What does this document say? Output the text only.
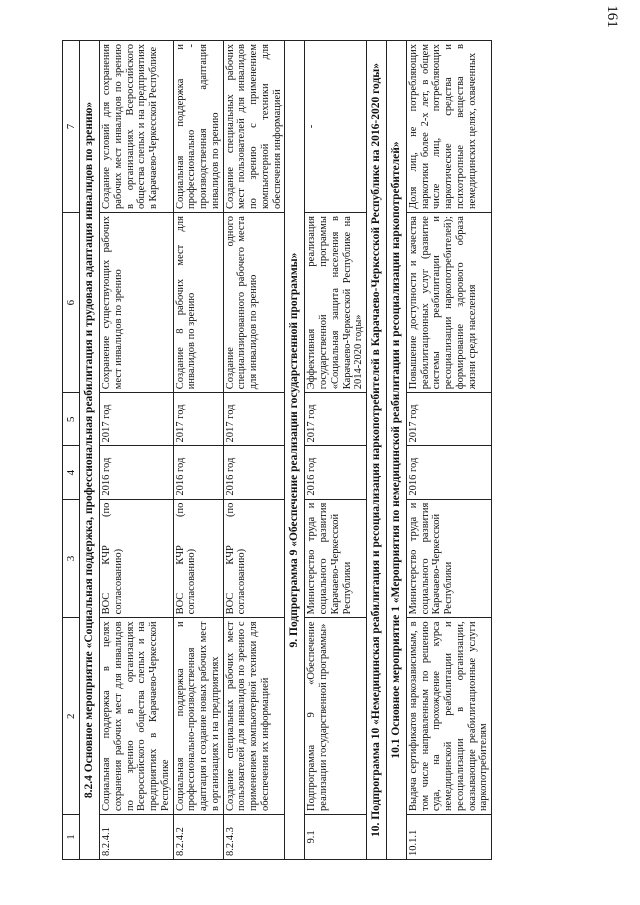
161
1	2	3	4	5	6	7
8.2.4 Основное мероприятие «Социальная поддержка, профессиональная реабилитация и трудовая адаптация инвалидов по зрению»						
8.2.4.1	Социальная поддержка в целях сохранения рабочих мест для инвалидов по зрению в организациях Всероссийского общества слепых и на предприятиях в Карачаево-Черкесской Республике	ВОС КЧР (по согласованию)	2016 год	2017 год	Сохранение существующих рабочих мест инвалидов по зрению	Создание условий для сохранения рабочих мест инвалидов по зрению в организациях Всероссийского общества слепых и на предприятиях в Карачаево-Черкесской Республике
8.2.4.2	Социальная поддержка и профессионально-производственная адаптация и создание новых рабочих мест в организациях и на предприятиях	ВОС КЧР (по согласованию)	2016 год	2017 год	Создание 8 рабочих мест для инвалидов по зрению	Социальная поддержка и профессионально - производственная адаптация инвалидов по зрению
8.2.4.3	Создание специальных рабочих мест пользователей для инвалидов по зрению с применением компьютерной техники для обеспечения их информацией	ВОС КЧР (по согласованию)	2016 год	2017 год	Создание одного специализированного рабочего места для инвалидов по зрению	Создание специальных рабочих мест пользователей для инвалидов по зрению с применением компьютерной техники для обеспечения информацией
9. Подпрограмма 9 «Обеспечение реализации государственной программы»						
9.1	Подпрограмма 9 «Обеспечение реализации государственной программы»	Министерство труда и социального развития Карачаево-Черкесской Республики	2016 год	2017 год	Эффективная реализация государственной программы «Социальная защита населения в Карачаево-Черкесской Республике на 2014-2020 годы»	-
10. Подпрограмма 10 «Немедицинская реабилитация и ресоциализация наркопотребителей в Карачаево-Черкесской Республике на 2016-2020 годы»						
10.1 Основное мероприятие 1 «Мероприятия по немедицинской реабилитации и ресоциализации наркопотребителей»						
10.1.1	Выдача сертификатов наркозависимым, в том числе направленным по решению суда, на прохождение курса немедицинской реабилитации и ресоциализации в организации, оказывающие реабилитационные услуги наркопотребителям	Министерство труда и социального развития Карачаево-Черкесской Республики	2016 год	2017 год	Повышение доступности и качества реабилитационных услуг (развитие системы реабилитации и ресоциализации наркопотребителей); формирование здорового образа жизни среди населения	Доля лиц, не потребляющих наркотики более 2-х лет, в общем числе лиц, потребляющих наркотические средства и психотропные вещества в немедицинских целях, охваченных
